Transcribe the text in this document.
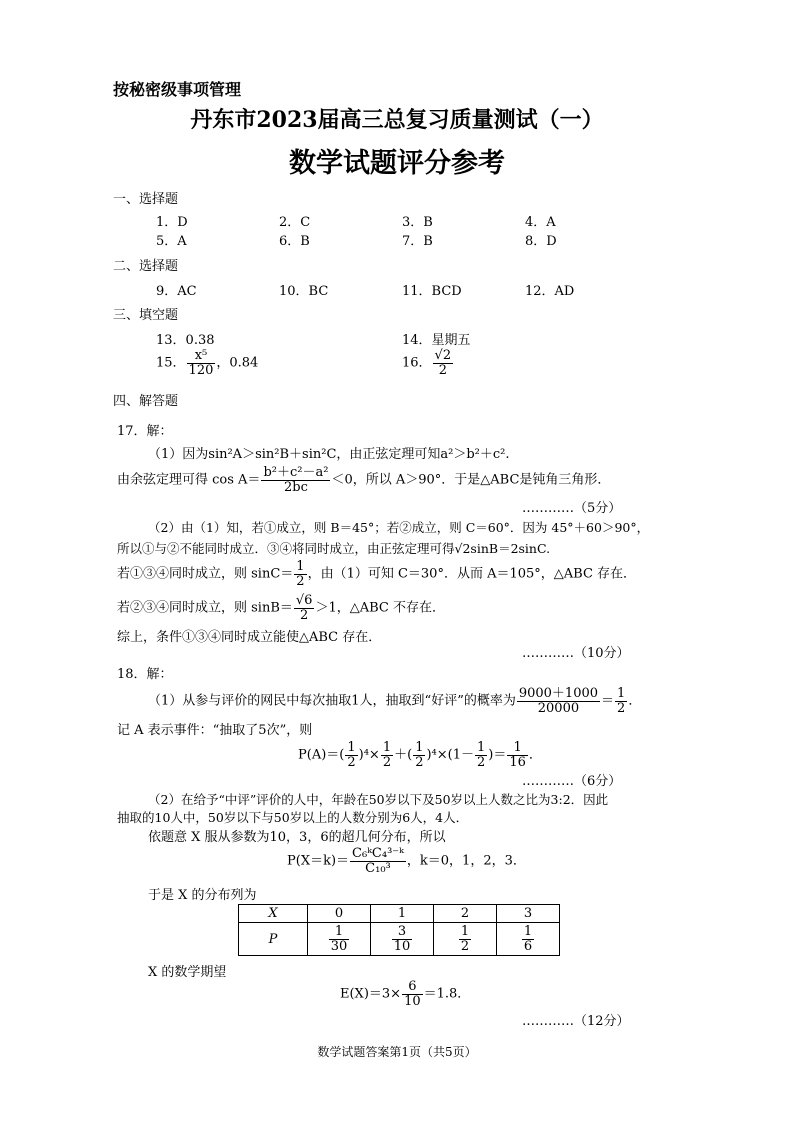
按秘密级事项管理
丹东市2023届高三总复习质量测试（一）
数学试题评分参考
一、选择题
1．D	2．C	3．B	4．A
5．A	6．B	7．B	8．D
二、选择题
9．AC	10．BC	11．BCD	12．AD
三、填空题
13．0.38	14．星期五
15． $\frac{\text{x⁵}}{120}$ ，0.84	16． $\frac{√2}{2}$
四、解答题
17．解：
（1）因为sin²A＞sin²B＋sin²C，由正弦定理可知a²＞b²＋c².
由余弦定理可得 $\cos A= \frac{\text{b²＋c²－a²}}{2bc} <0$，所以 A＞90°．于是△ABC是钝角三角形．
…………（5分）
（2）由（1）知，若①成立，则 B＝45°；若②成立，则 C＝60°．因为 45°＋60＞90°，
所以①与②不能同时成立．③④将同时成立，由正弦定理可得√2sinB＝2sinC.
若①③④同时成立，则 $\sin C= \frac{1}{2}$ ，由（1）可知 C＝30°．从而 A＝105°，△ABC 存在．
若②③④同时成立，则 $\sin B= \frac{√6}{2} >1$，△ABC 不存在．
综上，条件①③④同时成立能使△ABC 存在．
…………（10分）
18．解：
（1）从参与评价的网民中每次抽取1人，抽取到“好评”的概率为 $\frac{9000+1000}{20000} = \frac{1}{2}$ ．
记 A 表示事件：“抽取了5次”，则
$P(A)=( \frac{1}{2} )^4\times \frac{1}{2}$ ＋( $\frac{1}{2} )^4\times(1- \frac{1}{2}$ )＝ $\frac{1}{16}$ ．
…………（6分）
（2）在给予“中评”评价的人中，年龄在50岁以下及50岁以上人数之比为3:2．因此
抽取的10人中，50岁以下与50岁以上的人数分别为6人，4人．
依题意 X 服从参数为10，3，6的超几何分布，所以
$P(X=k)= \frac{\text{C₆ᵏC₄³⁻ᵏ}}{\text{C₁₀³}}$ ，k＝0，1，2，3．
于是 X 的分布列为
X	0	1	2	3
P	$\frac{1}{30}$	$\frac{3}{10}$	$\frac{1}{2}$	$\frac{1}{6}$
X 的数学期望
$E(X)=3\times \frac{6}{10} =1.8$．
…………（12分）
数学试题答案第1页（共5页）
